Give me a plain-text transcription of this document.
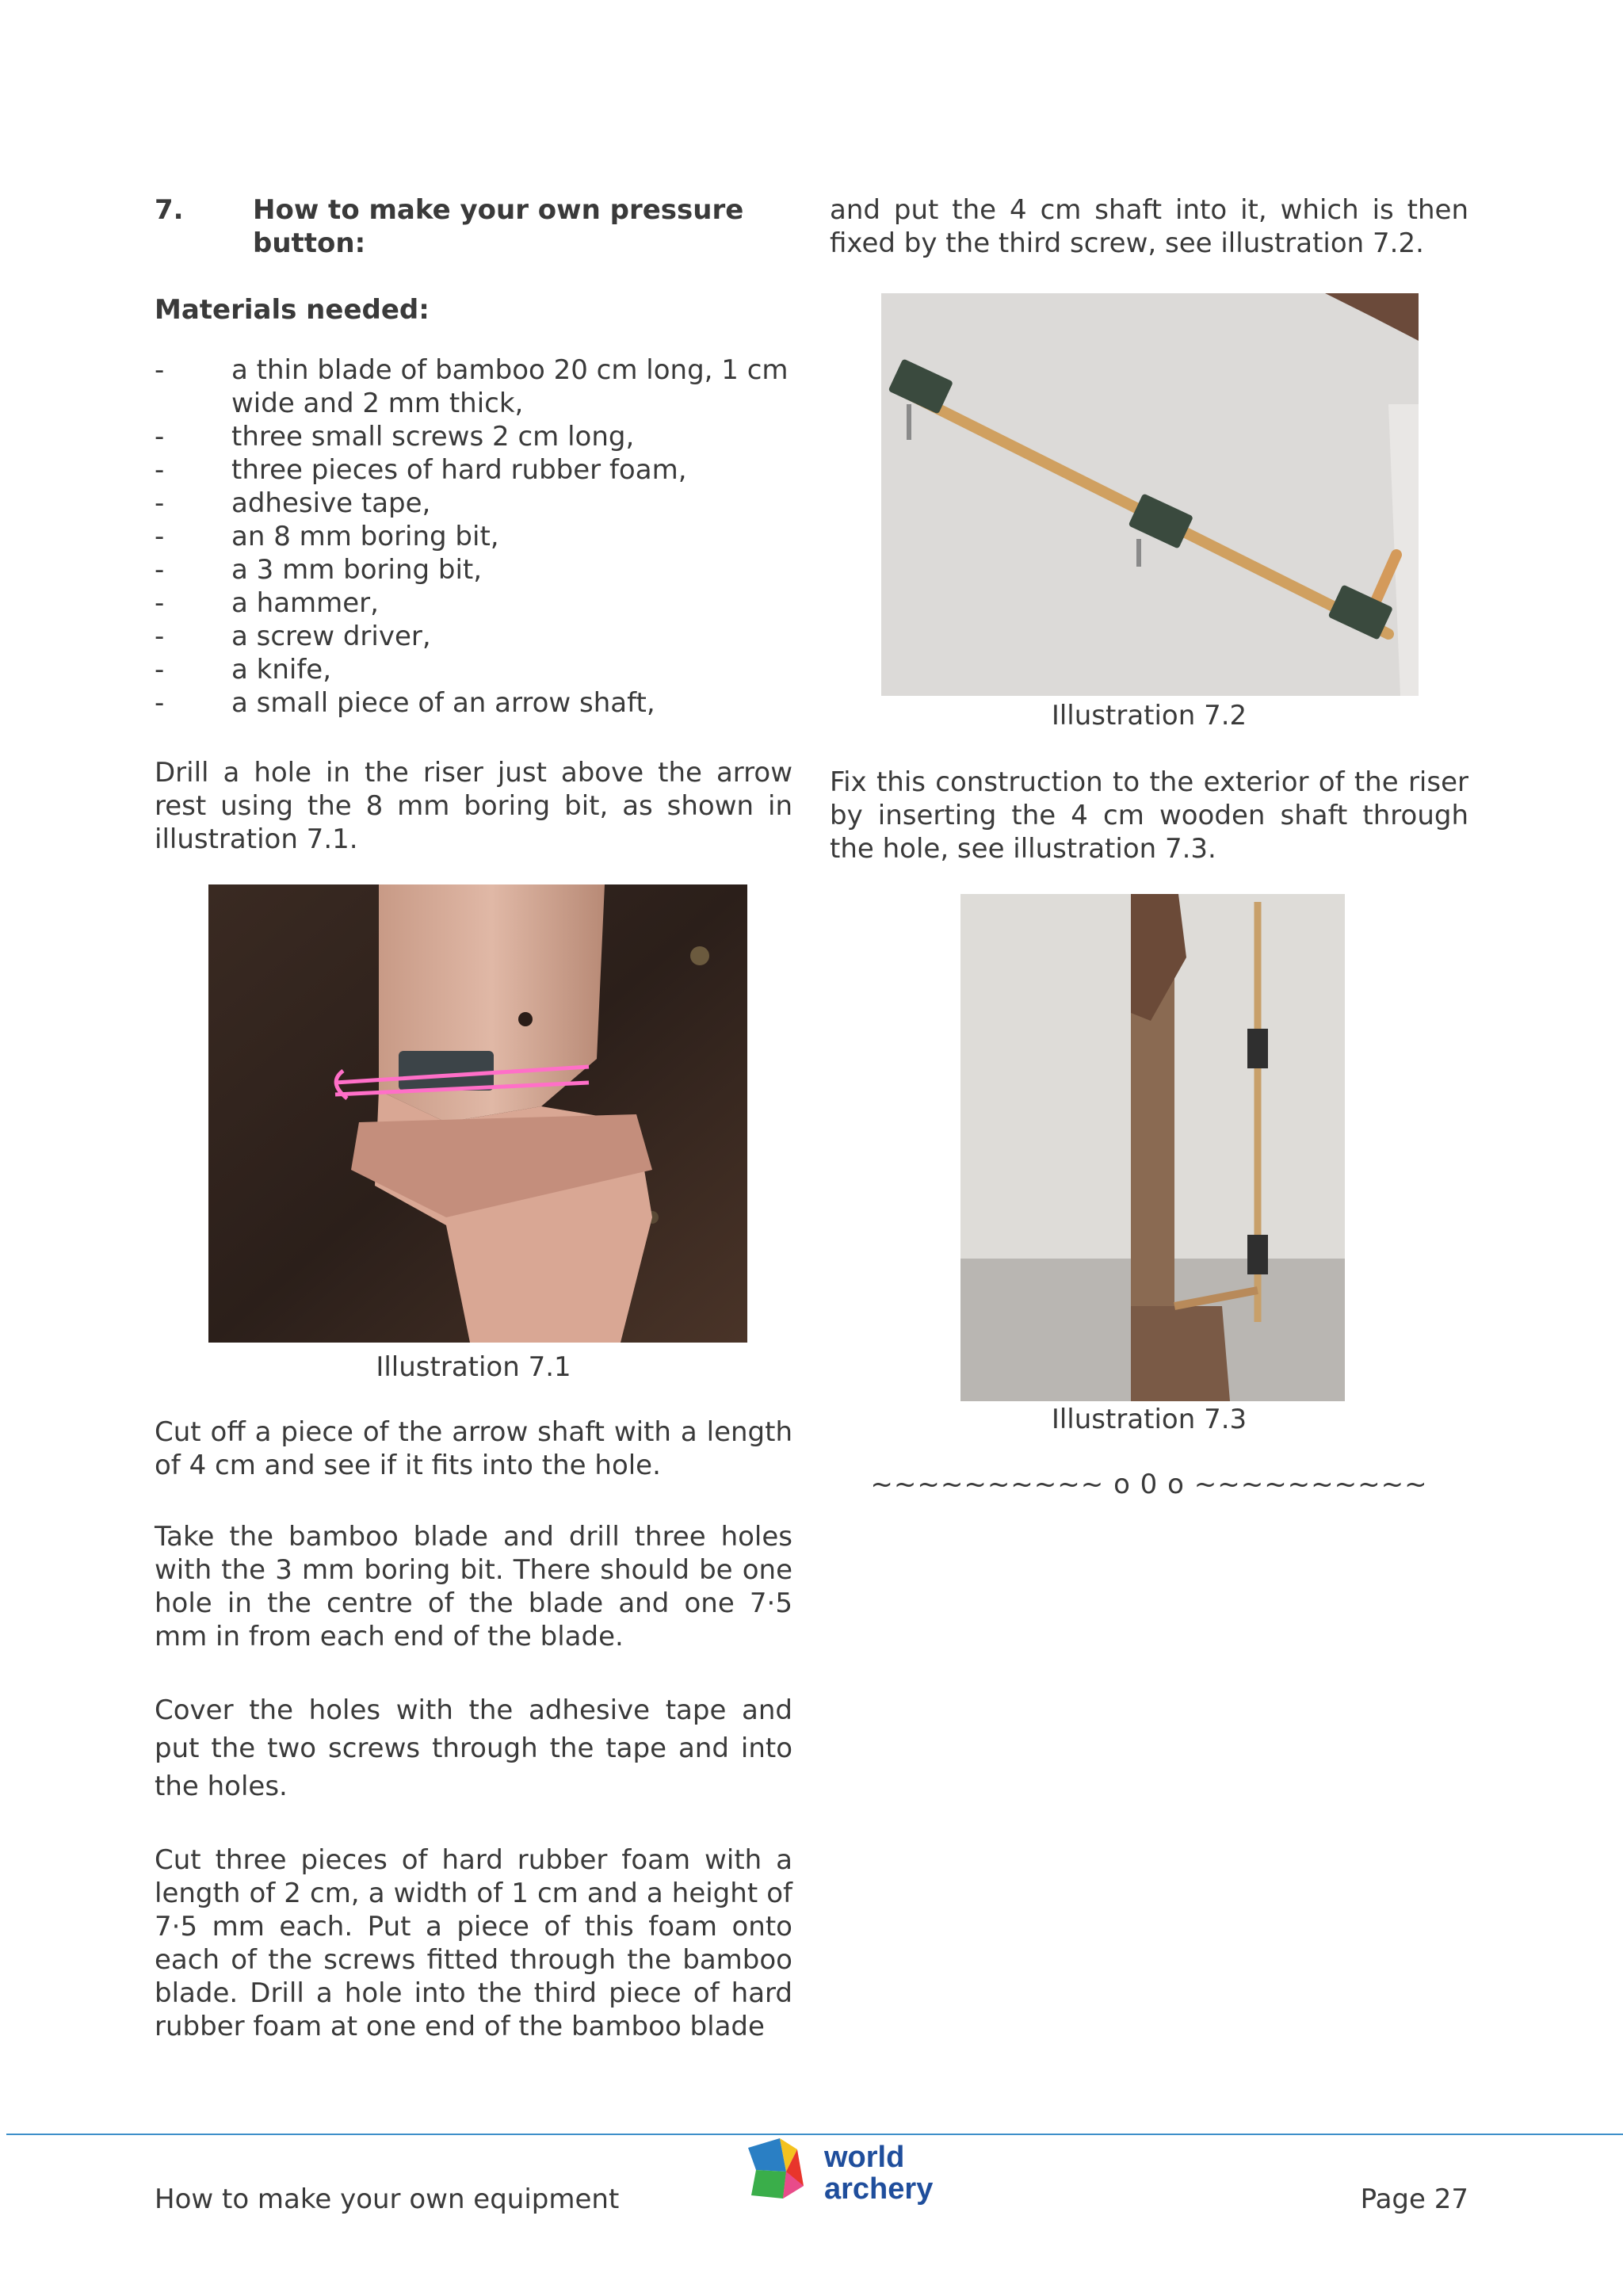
7.	How to make your own pressure button:
Materials needed:
-	a thin blade of bamboo 20 cm long, 1 cm wide and 2 mm thick,
-	three small screws 2 cm long,
-	three pieces of hard rubber foam,
-	adhesive tape,
-	an 8 mm boring bit,
-	a 3 mm boring bit,
-	a hammer,
-	a screw driver,
-	a knife,
-	a small piece of an arrow shaft,

Drill a hole in the riser just above the arrow rest using the 8 mm boring bit, as shown in illustration 7.1.

Illustration 7.1

Cut off a piece of the arrow shaft with a length of 4 cm and see if it fits into the hole.

Take the bamboo blade and drill three holes with the 3 mm boring bit. There should be one hole in the centre of the blade and one 7·5 mm in from each end of the blade.

Cover the holes with the adhesive tape and put the two screws through the tape and into the holes.

Cut three pieces of hard rubber foam with a length of 2 cm, a width of 1 cm and a height of 7·5 mm each. Put a piece of this foam onto each of the screws fitted through the bamboo blade. Drill a hole into the third piece of hard rubber foam at one end of the bamboo blade

and put the 4 cm shaft into it, which is then fixed by the third screw, see illustration 7.2.

Illustration 7.2

Fix this construction to the exterior of the riser by inserting the 4 cm wooden shaft through the hole, see illustration 7.3.

Illustration 7.3
~~~~~~~~~~ o 0 o ~~~~~~~~~~
world
archery
How to make your own equipment	Page 27
